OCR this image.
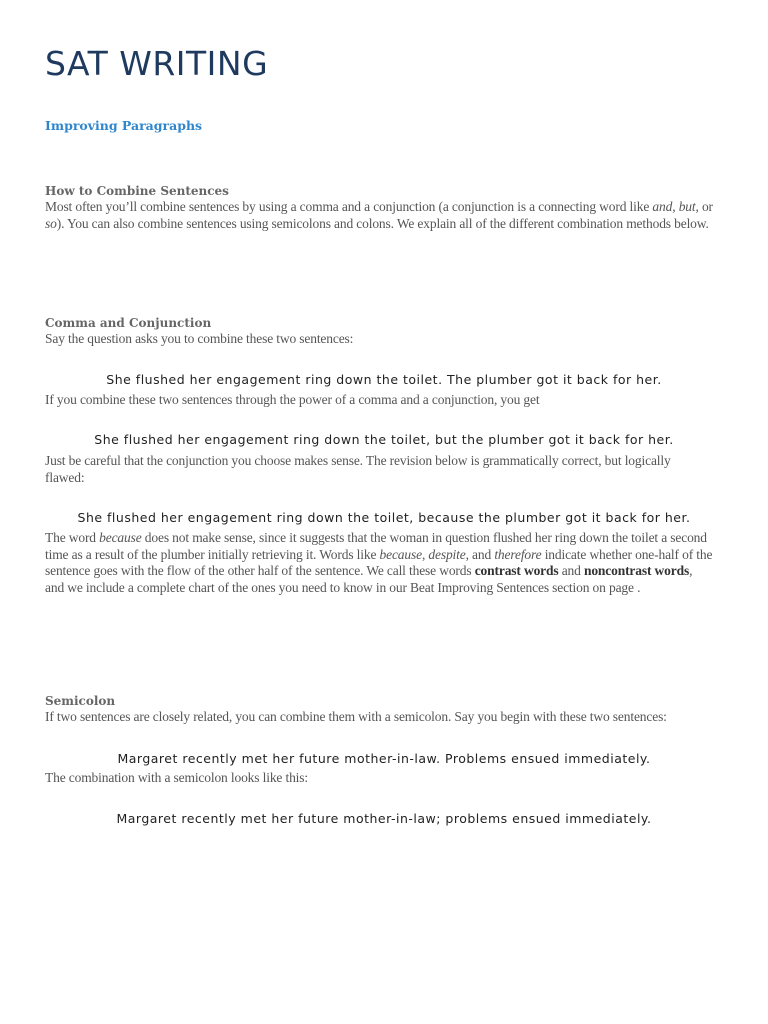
SAT WRITING
Improving Paragraphs
How to Combine Sentences

Most often you’ll combine sentences by using a comma and a conjunction (a conjunction is a connecting word like and, but, or so). You can also combine sentences using semicolons and colons. We explain all of the different combination methods below.

Comma and Conjunction

Say the question asks you to combine these two sentences:

She flushed her engagement ring down the toilet. The plumber got it back for her.
If you combine these two sentences through the power of a comma and a conjunction, you get
She flushed her engagement ring down the toilet, but the plumber got it back for her.

Just be careful that the conjunction you choose makes sense. The revision below is grammatically correct, but logically flawed:

She flushed her engagement ring down the toilet, because the plumber got it back for her.

The word because does not make sense, since it suggests that the woman in question flushed her ring down the toilet a second time as a result of the plumber initially retrieving it. Words like because, despite, and therefore indicate whether one-half of the sentence goes with the flow of the other half of the sentence. We call these words contrast words and noncontrast words, and we include a complete chart of the ones you need to know in our Beat Improving Sentences section on page .

Semicolon

If two sentences are closely related, you can combine them with a semicolon. Say you begin with these two sentences:

Margaret recently met her future mother-in-law. Problems ensued immediately.
The combination with a semicolon looks like this:
Margaret recently met her future mother-in-law; problems ensued immediately.
